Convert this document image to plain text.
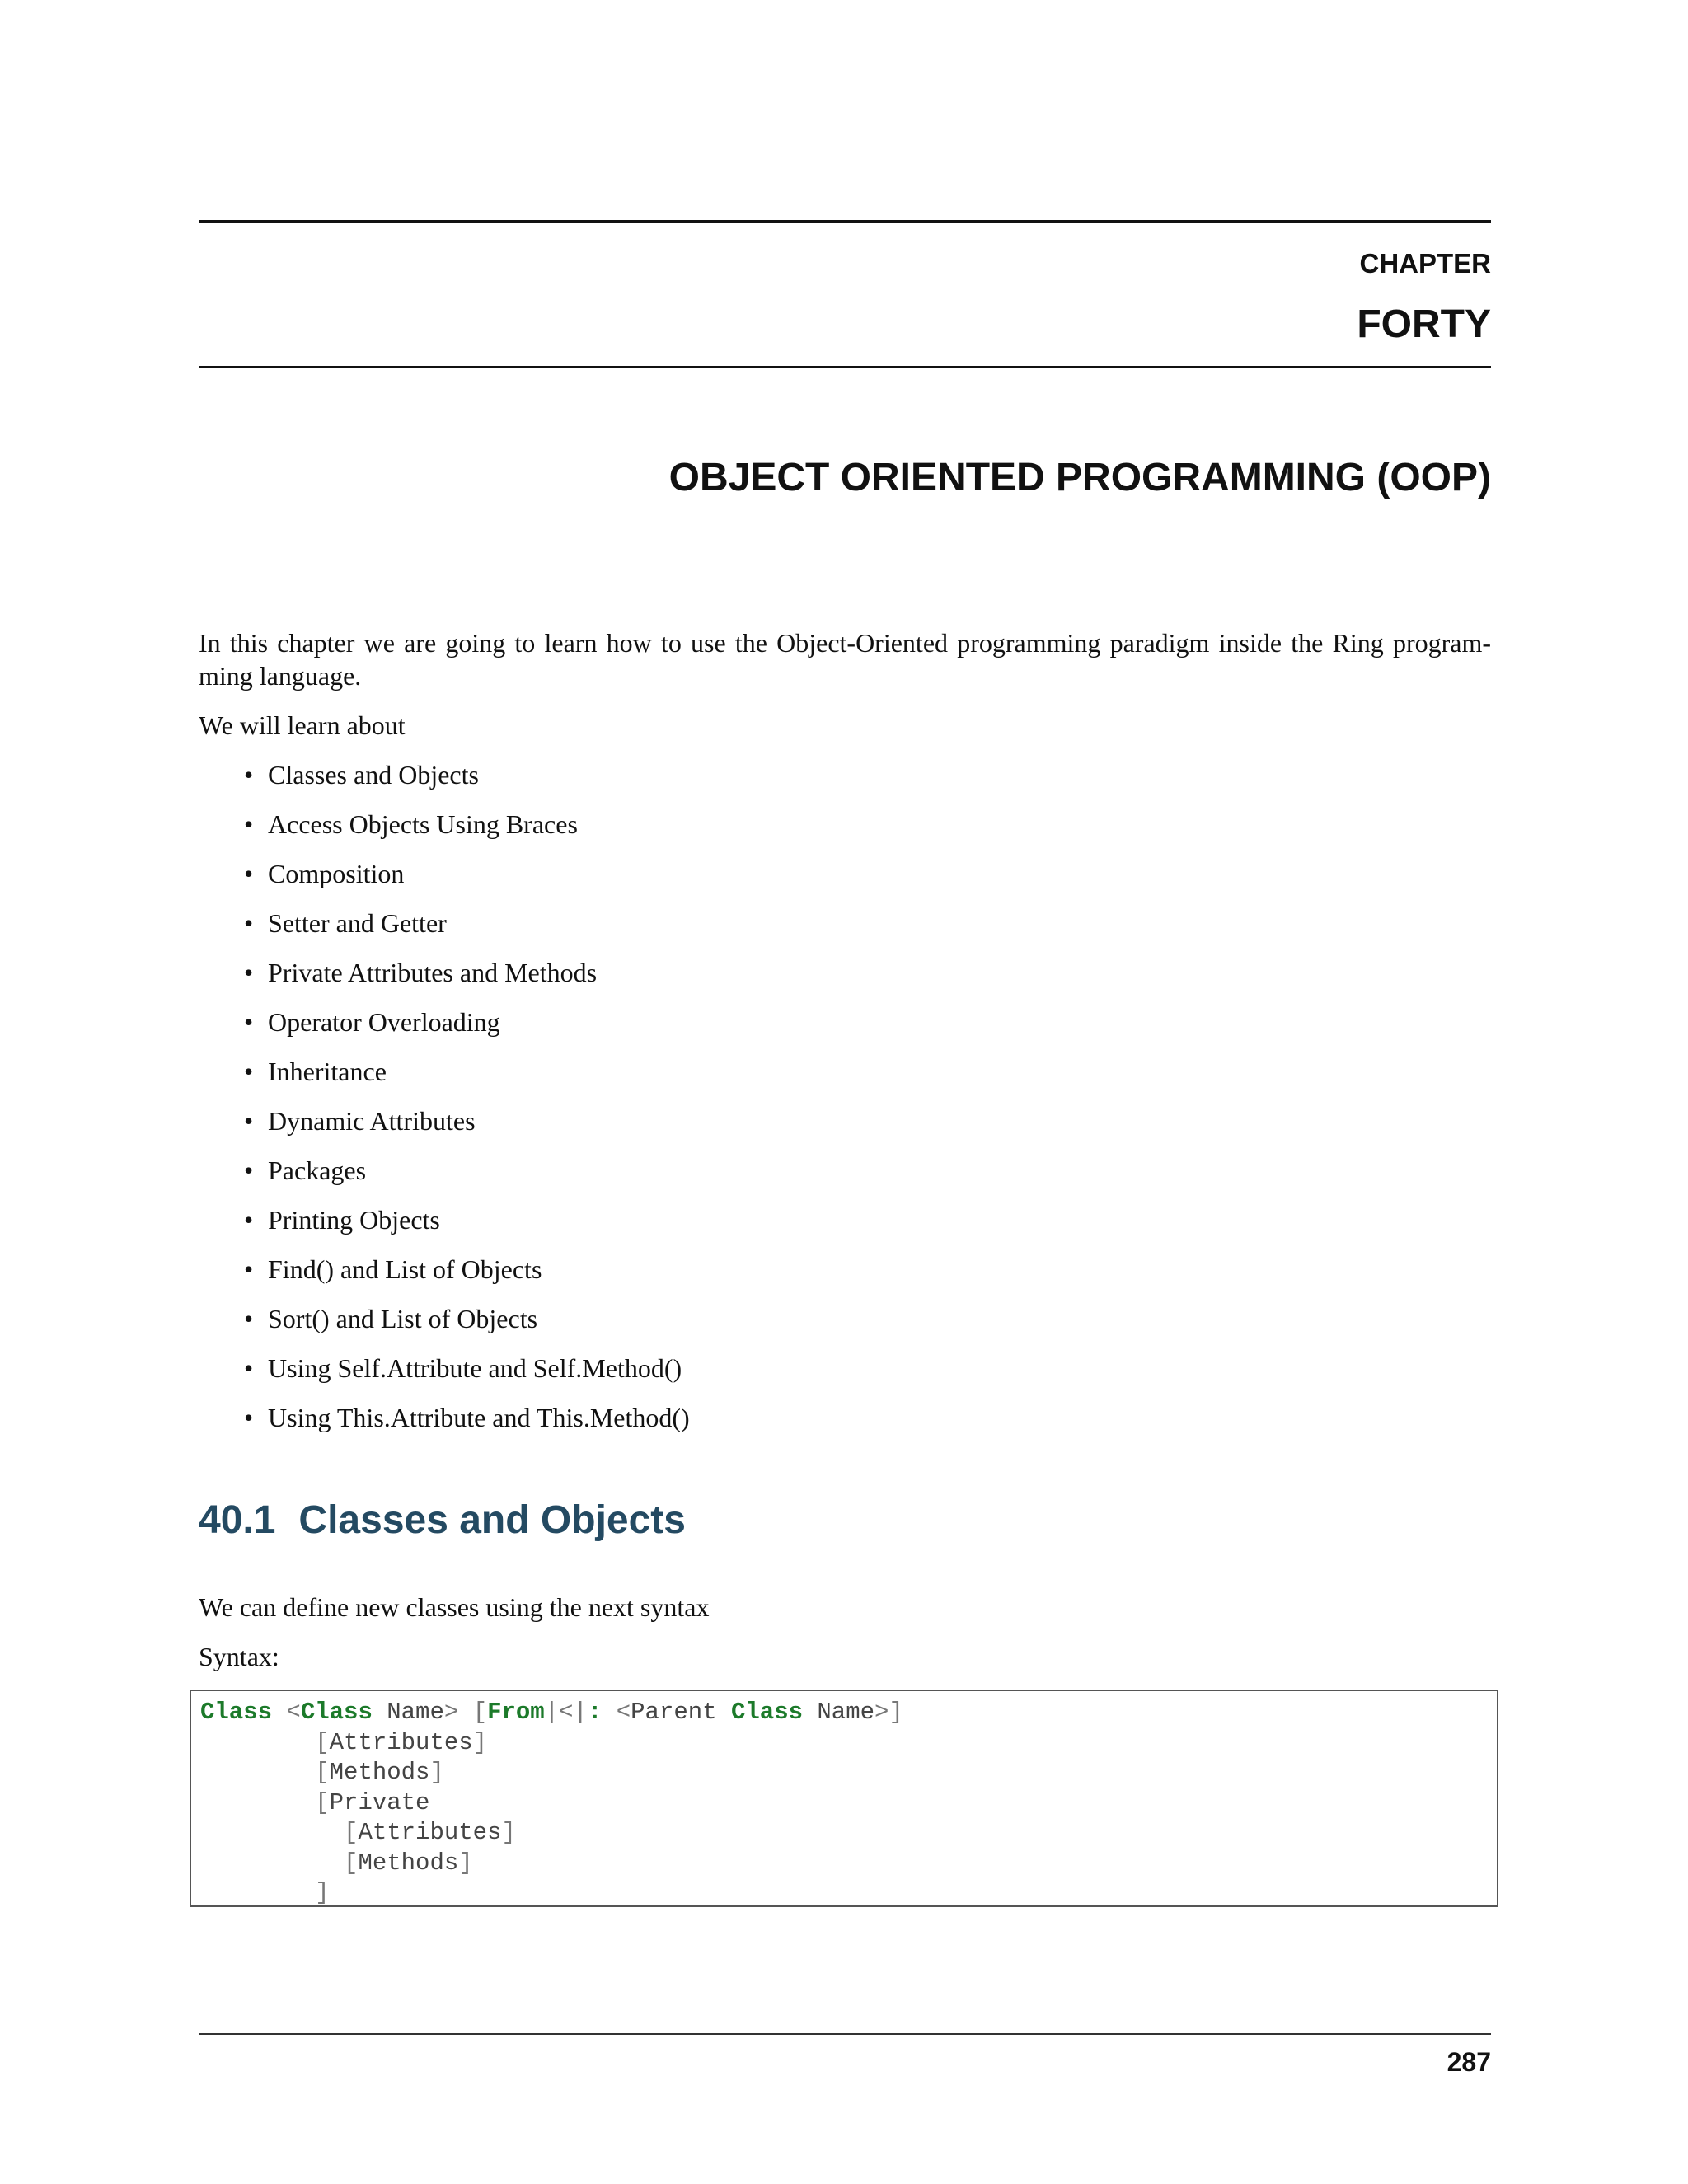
CHAPTER
FORTY
OBJECT ORIENTED PROGRAMMING (OOP)
In this chapter we are going to learn how to use the Object-Oriented programming paradigm inside the Ring program- ming language.
We will learn about
• Classes and Objects
• Access Objects Using Braces
• Composition
• Setter and Getter
• Private Attributes and Methods
• Operator Overloading
• Inheritance
• Dynamic Attributes
• Packages
• Printing Objects
• Find() and List of Objects
• Sort() and List of Objects
• Using Self.Attribute and Self.Method()
• Using This.Attribute and This.Method()
40.1 Classes and Objects
We can define new classes using the next syntax
Syntax:
Class <Class Name> [From|<|: <Parent Class Name>]
[Attributes]
[Methods]
[Private
[Attributes]
[Methods]
]
287
